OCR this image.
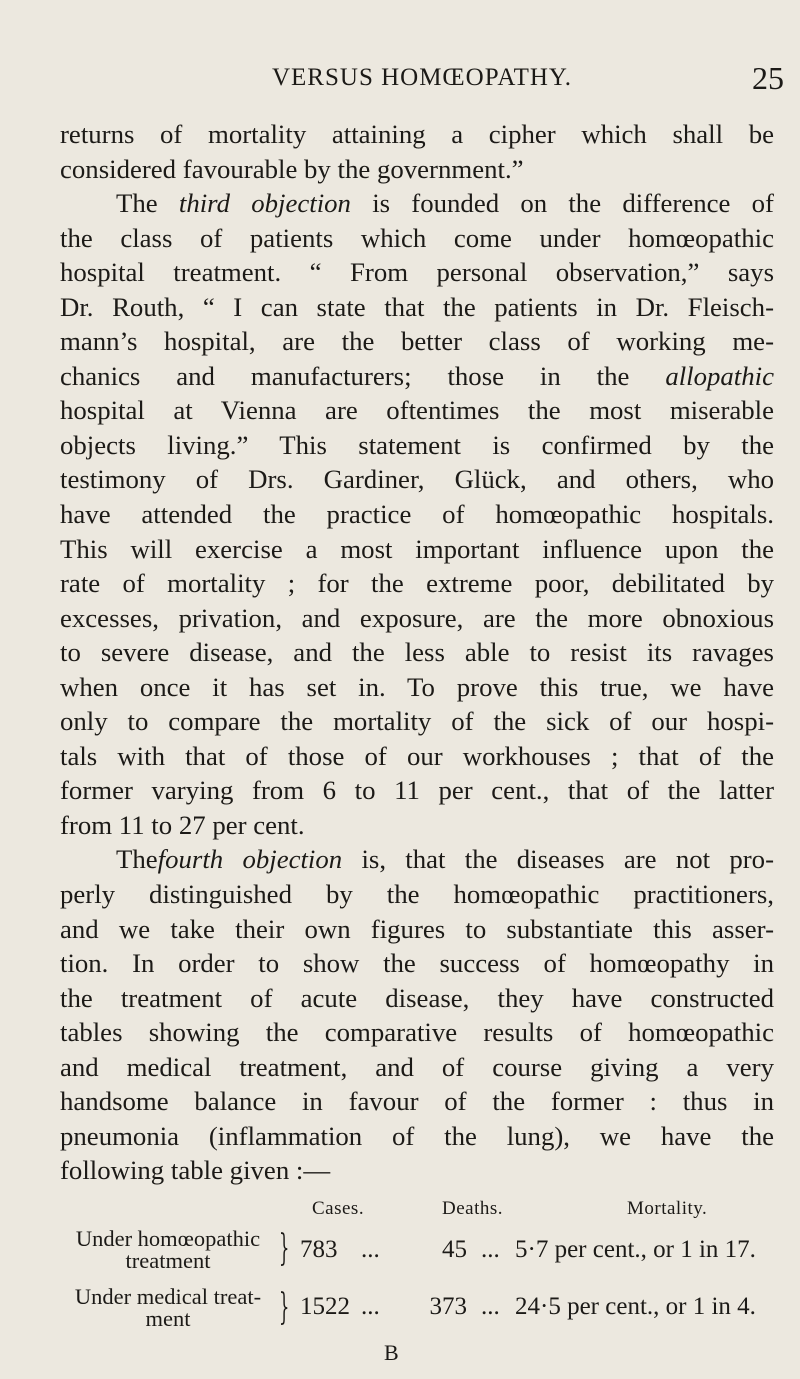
VERSUS HOMŒOPATHY.	25
returns of mortality attaining a cipher which shall be
considered favourable by the government.”
The third objection is founded on the difference of
the class of patients which come under homœopathic
hospital treatment. “ From personal observation,” says
Dr. Routh, “ I can state that the patients in Dr. Fleisch-
mann’s hospital, are the better class of working me-
chanics and manufacturers; those in the allopathic
hospital at Vienna are oftentimes the most miserable
objects living.” This statement is confirmed by the
testimony of Drs. Gardiner, Glück, and others, who
have attended the practice of homœopathic hospitals.
This will exercise a most important influence upon the
rate of mortality ; for the extreme poor, debilitated by
excesses, privation, and exposure, are the more obnoxious
to severe disease, and the less able to resist its ravages
when once it has set in. To prove this true, we have
only to compare the mortality of the sick of our hospi-
tals with that of those of our workhouses ; that of the
former varying from 6 to 11 per cent., that of the latter
from 11 to 27 per cent.
Thefourth objection is, that the diseases are not pro-
perly distinguished by the homœopathic practitioners,
and we take their own figures to substantiate this asser-
tion. In order to show the success of homœopathy in
the treatment of acute disease, they have constructed
tables showing the comparative results of homœopathic
and medical treatment, and of course giving a very
handsome balance in favour of the former : thus in
pneumonia (inflammation of the lung), we have the
following table given :—
Cases.	Deaths.	Mortality.
Under homœopathic
treatment	} 783 ...	45 ... 5·7 per cent., or 1 in 17.
Under medical treat-
ment	} 1522 ...	373 ... 24·5 per cent., or 1 in 4.
B
